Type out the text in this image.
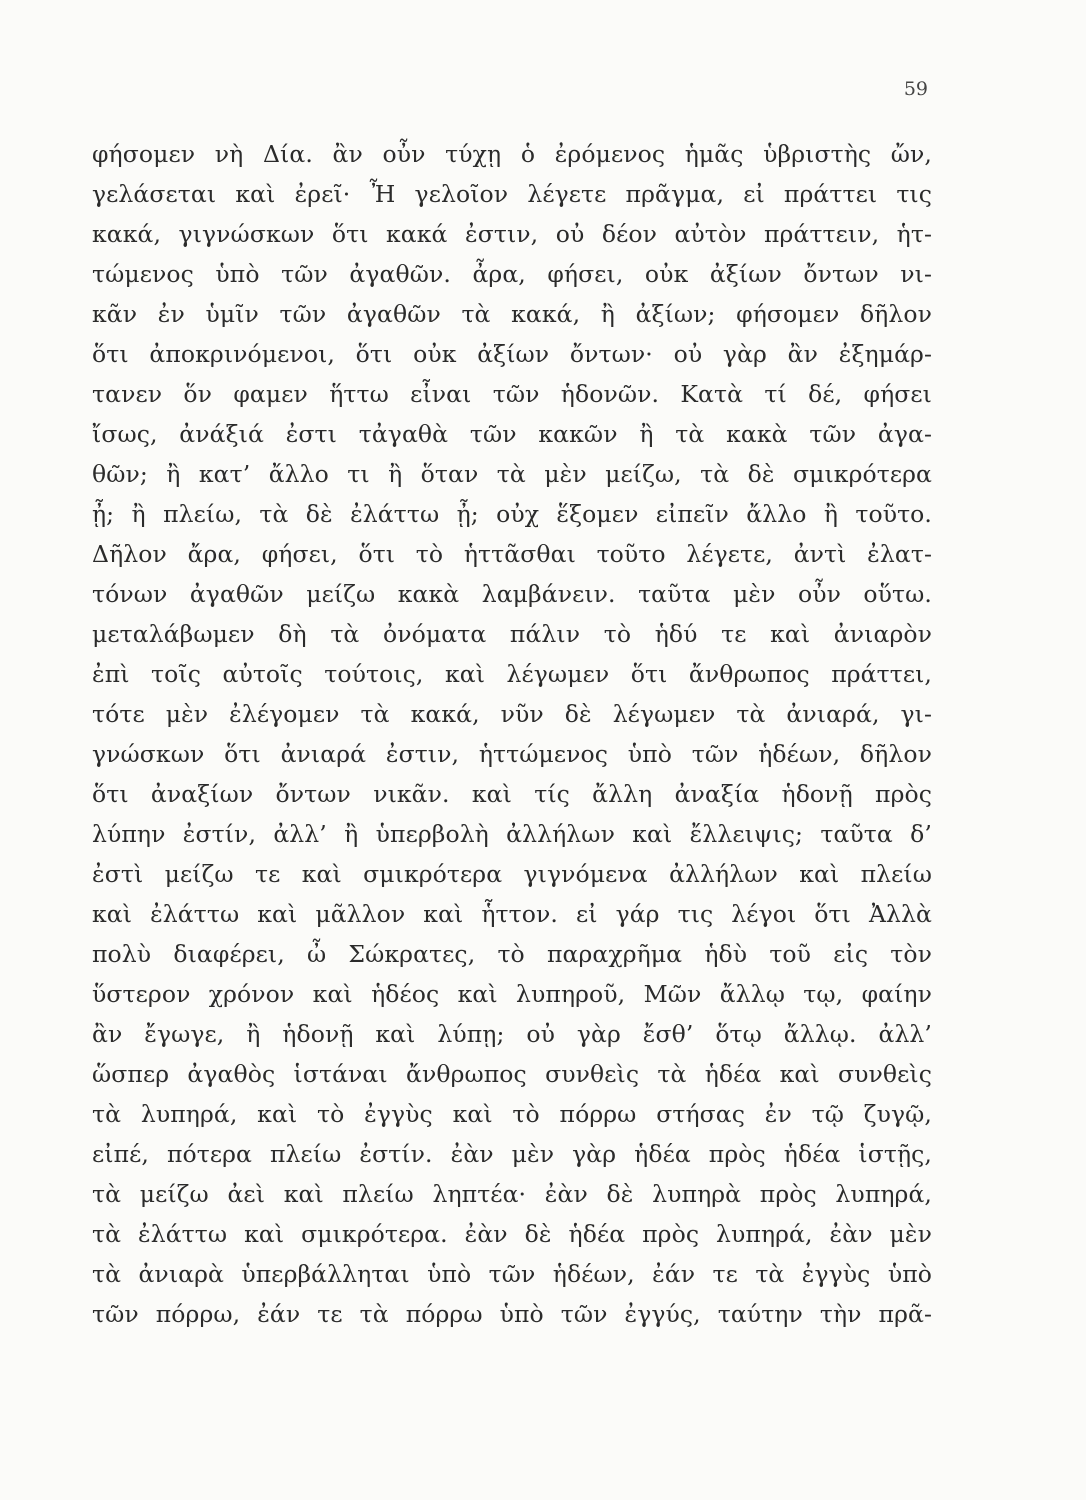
59
φήσομεν νὴ Δία. ἂν οὖν τύχῃ ὁ ἐρόμενος ἡμᾶς ὑβριστὴς ὤν,
γελάσεται καὶ ἐρεῖ· Ἦ γελοῖον λέγετε πρᾶγμα, εἰ πράττει τις
κακά, γιγνώσκων ὅτι κακά ἐστιν, οὐ δέον αὐτὸν πράττειν, ἡτ-
τώμενος ὑπὸ τῶν ἀγαθῶν. ἆρα, φήσει, οὐκ ἀξίων ὄντων νι-
κᾶν ἐν ὑμῖν τῶν ἀγαθῶν τὰ κακά, ἢ ἀξίων; φήσομεν δῆλον
ὅτι ἀποκρινόμενοι, ὅτι οὐκ ἀξίων ὄντων· οὐ γὰρ ἂν ἐξημάρ-
τανεν ὅν φαμεν ἥττω εἶναι τῶν ἡδονῶν. Κατὰ τί δέ, φήσει
ἴσως, ἀνάξιά ἐστι τἀγαθὰ τῶν κακῶν ἢ τὰ κακὰ τῶν ἀγα-
θῶν; ἢ κατ’ ἄλλο τι ἢ ὅταν τὰ μὲν μείζω, τὰ δὲ σμικρότερα
ᾖ; ἢ πλείω, τὰ δὲ ἐλάττω ᾖ; οὐχ ἕξομεν εἰπεῖν ἄλλο ἢ τοῦτο.
Δῆλον ἄρα, φήσει, ὅτι τὸ ἡττᾶσθαι τοῦτο λέγετε, ἀντὶ ἐλατ-
τόνων ἀγαθῶν μείζω κακὰ λαμβάνειν. ταῦτα μὲν οὖν οὕτω.
μεταλάβωμεν δὴ τὰ ὀνόματα πάλιν τὸ ἡδύ τε καὶ ἀνιαρὸν
ἐπὶ τοῖς αὐτοῖς τούτοις, καὶ λέγωμεν ὅτι ἄνθρωπος πράττει,
τότε μὲν ἐλέγομεν τὰ κακά, νῦν δὲ λέγωμεν τὰ ἀνιαρά, γι-
γνώσκων ὅτι ἀνιαρά ἐστιν, ἡττώμενος ὑπὸ τῶν ἡδέων, δῆλον
ὅτι ἀναξίων ὄντων νικᾶν. καὶ τίς ἄλλη ἀναξία ἡδονῇ πρὸς
λύπην ἐστίν, ἀλλ’ ἢ ὑπερβολὴ ἀλλήλων καὶ ἔλλειψις; ταῦτα δ’
ἐστὶ μείζω τε καὶ σμικρότερα γιγνόμενα ἀλλήλων καὶ πλείω
καὶ ἐλάττω καὶ μᾶλλον καὶ ἧττον. εἰ γάρ τις λέγοι ὅτι Ἀλλὰ
πολὺ διαφέρει, ὦ Σώκρατες, τὸ παραχρῆμα ἡδὺ τοῦ εἰς τὸν
ὕστερον χρόνον καὶ ἡδέος καὶ λυπηροῦ, Μῶν ἄλλῳ τῳ, φαίην
ἂν ἔγωγε, ἢ ἡδονῇ καὶ λύπῃ; οὐ γὰρ ἔσθ’ ὅτῳ ἄλλῳ. ἀλλ’
ὥσπερ ἀγαθὸς ἱστάναι ἄνθρωπος συνθεὶς τὰ ἡδέα καὶ συνθεὶς
τὰ λυπηρά, καὶ τὸ ἐγγὺς καὶ τὸ πόρρω στήσας ἐν τῷ ζυγῷ,
εἰπέ, πότερα πλείω ἐστίν. ἐὰν μὲν γὰρ ἡδέα πρὸς ἡδέα ἱστῇς,
τὰ μείζω ἀεὶ καὶ πλείω ληπτέα· ἐὰν δὲ λυπηρὰ πρὸς λυπηρά,
τὰ ἐλάττω καὶ σμικρότερα. ἐὰν δὲ ἡδέα πρὸς λυπηρά, ἐὰν μὲν
τὰ ἀνιαρὰ ὑπερβάλληται ὑπὸ τῶν ἡδέων, ἐάν τε τὰ ἐγγὺς ὑπὸ
τῶν πόρρω, ἐάν τε τὰ πόρρω ὑπὸ τῶν ἐγγύς, ταύτην τὴν πρᾶ-
